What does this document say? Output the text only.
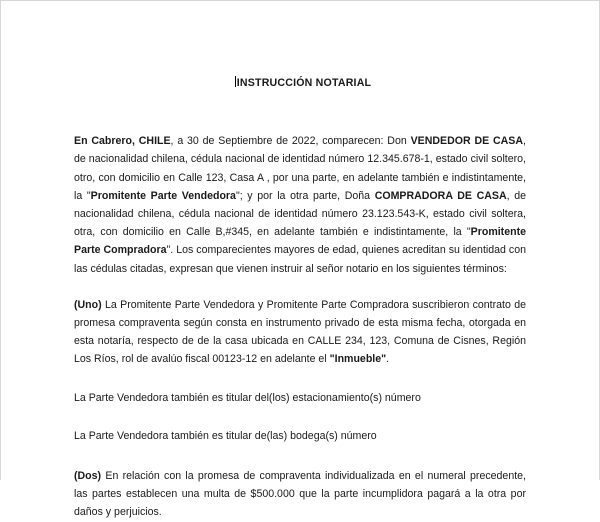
INSTRUCCIÓN NOTARIAL

En Cabrero, CHILE, a 30 de Septiembre de 2022, comparecen: Don VENDEDOR DE CASA, de nacionalidad chilena, cédula nacional de identidad número 12.345.678-1, estado civil soltero, otro, con domicilio en Calle 123, Casa A , por una parte, en adelante también e indistintamente, la "Promitente Parte Vendedora"; y por la otra parte, Doña COMPRADORA DE CASA, de nacionalidad chilena, cédula nacional de identidad número 23.123.543-K, estado civil soltera, otra, con domicilio en Calle B,#345, en adelante también e indistintamente, la "Promitente Parte Compradora". Los comparecientes mayores de edad, quienes acreditan su identidad con las cédulas citadas, expresan que vienen instruir al señor notario en los siguientes términos:

(Uno) La Promitente Parte Vendedora y Promitente Parte Compradora suscribieron contrato de promesa compraventa según consta en instrumento privado de esta misma fecha, otorgada en esta notaría, respecto de de la casa ubicada en CALLE 234, 123, Comuna de Cisnes, Región Los Ríos, rol de avalúo fiscal 00123-12 en adelante el "Inmueble".

La Parte Vendedora también es titular del(los) estacionamiento(s) número

La Parte Vendedora también es titular de(las) bodega(s) número

(Dos) En relación con la promesa de compraventa individualizada en el numeral precedente, las partes establecen una multa de $500.000 que la parte incumplidora pagará a la otra por daños y perjuicios.
